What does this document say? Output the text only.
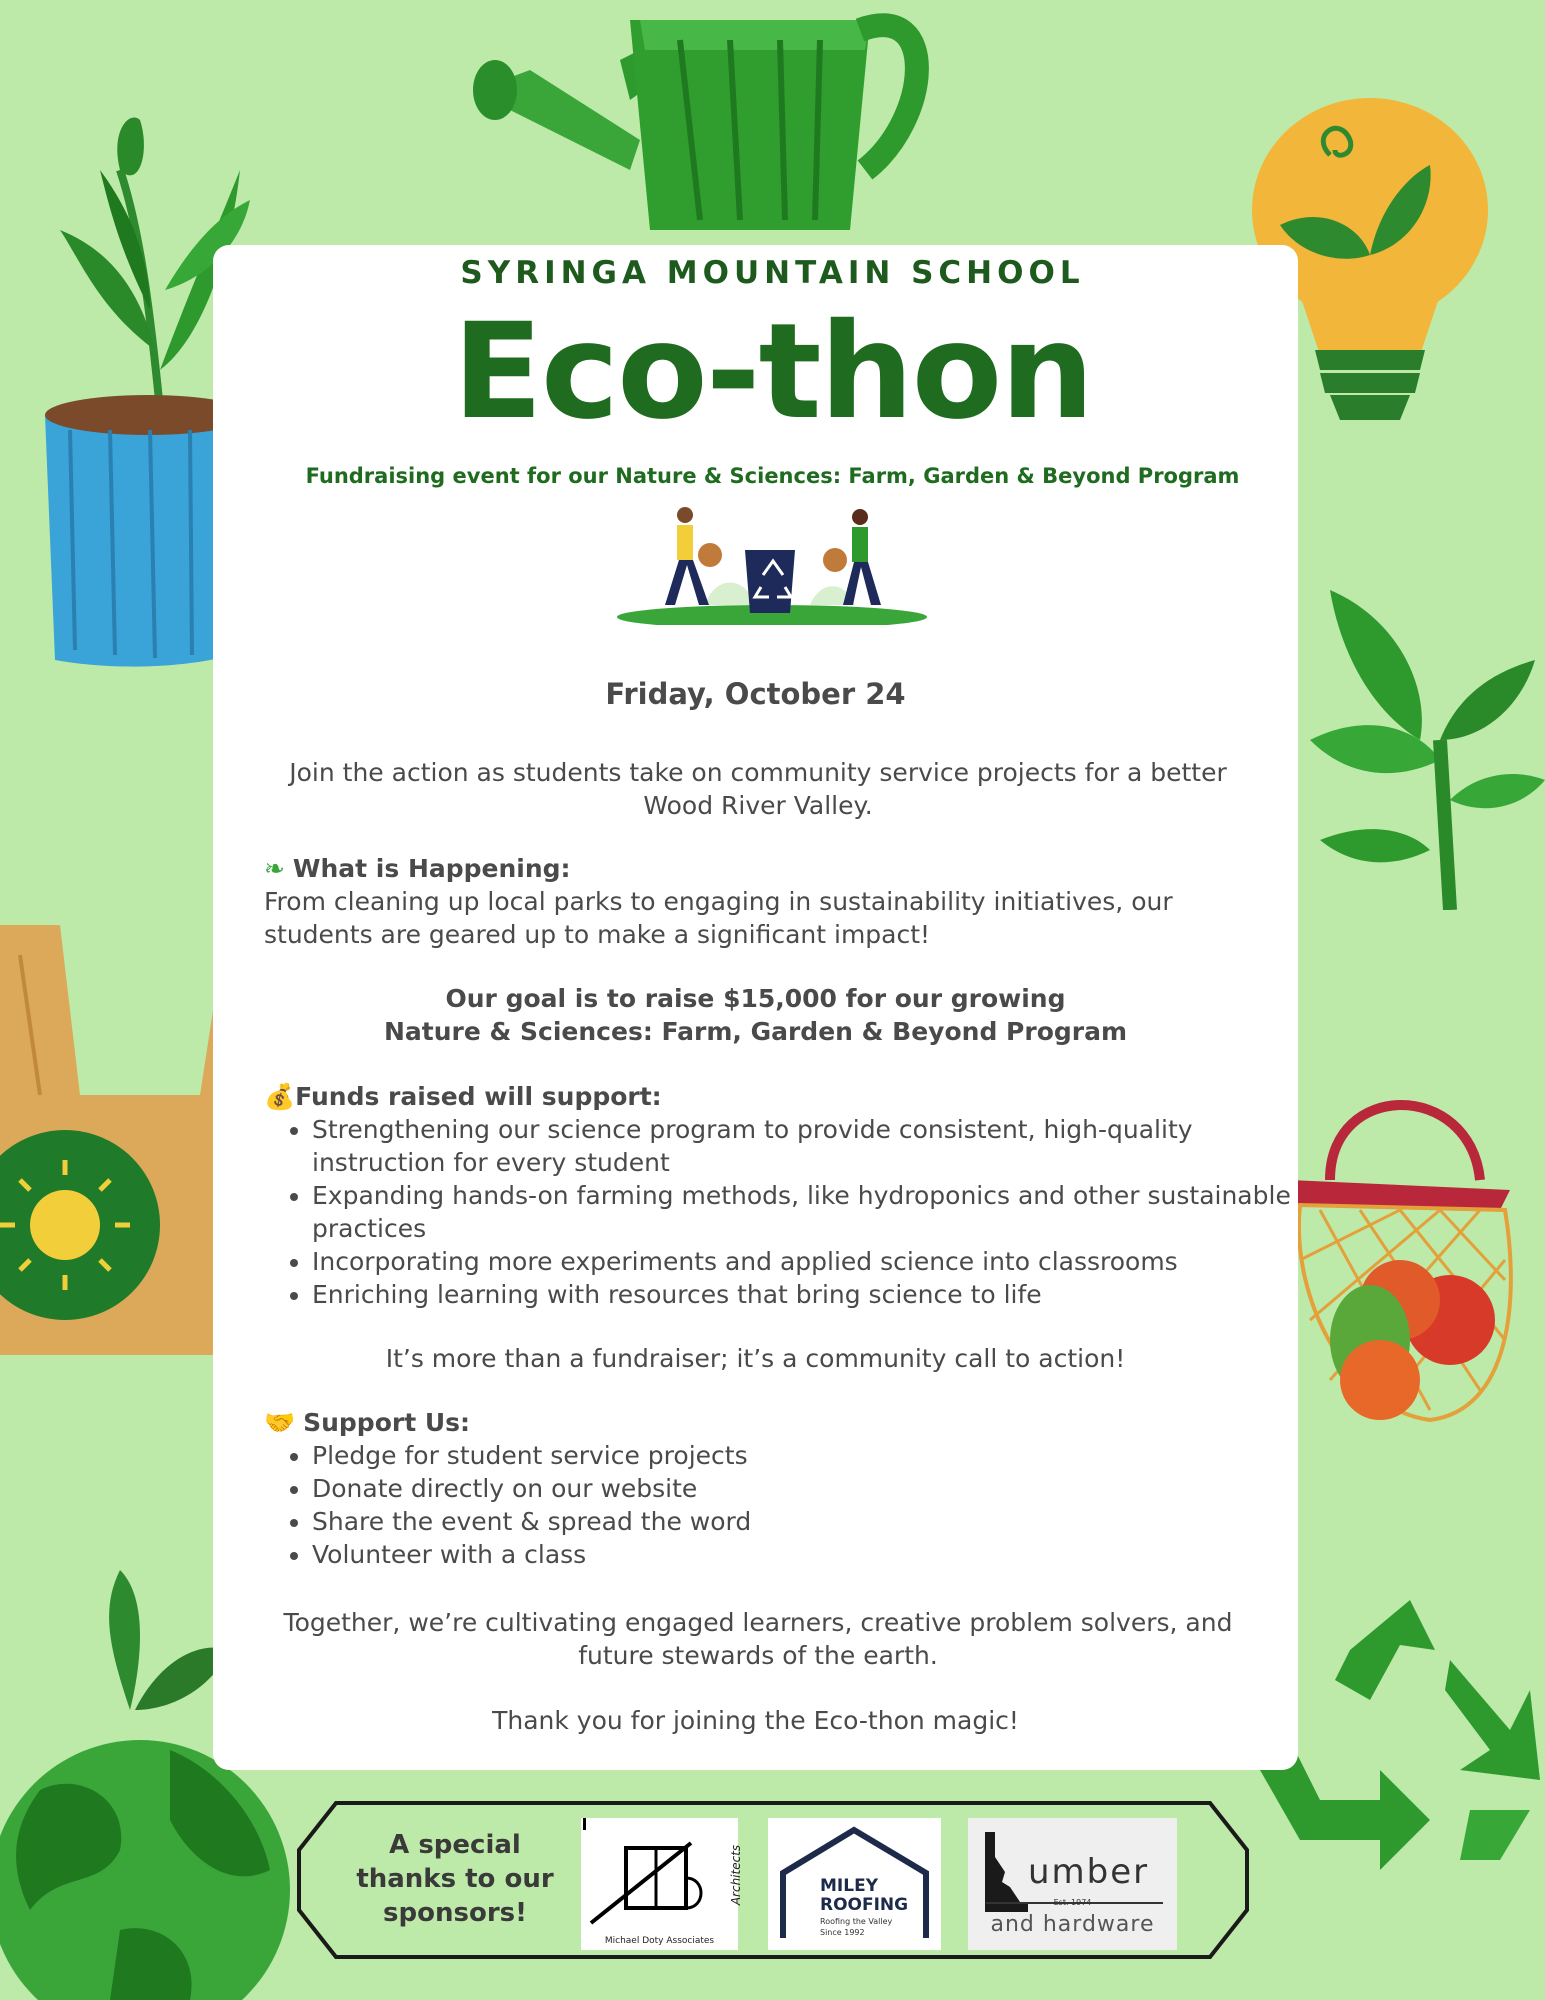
SYRINGA MOUNTAIN SCHOOL
Eco-thon
Fundraising event for our Nature & Sciences: Farm, Garden & Beyond Program
Friday, October 24
Join the action as students take on community service projects for a better Wood River Valley.
❧ What is Happening:
From cleaning up local parks to engaging in sustainability initiatives, our students are geared up to make a significant impact!
Our goal is to raise $15,000 for our growing
Nature & Sciences: Farm, Garden & Beyond Program
💰Funds raised will support:
• Strengthening our science program to provide consistent, high-quality instruction for every student
• Expanding hands-on farming methods, like hydroponics and other sustainable practices
• Incorporating more experiments and applied science into classrooms
• Enriching learning with resources that bring science to life
It’s more than a fundraiser; it’s a community call to action!
🤝 Support Us:
• Pledge for student service projects
• Donate directly on our website
• Share the event & spread the word
• Volunteer with a class
Together, we’re cultivating engaged learners, creative problem solvers, and future stewards of the earth.
Thank you for joining the Eco-thon magic!
A special thanks to our sponsors!
Michael Doty Associates
Architects	MILEY
ROOFING
Roofing the Valley
Since 1992
umber
Est. 1974
and hardware
